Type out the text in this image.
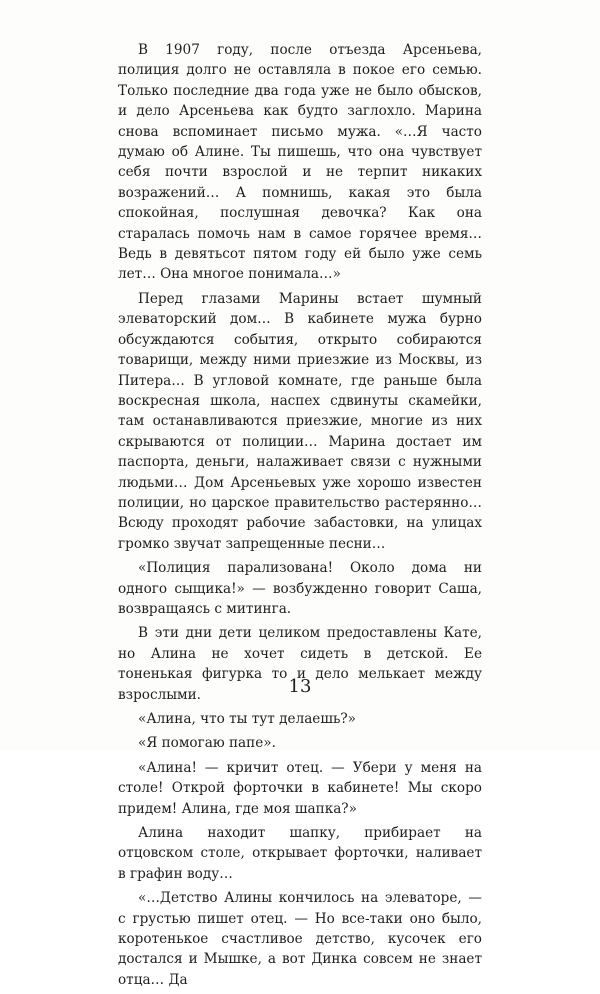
В 1907 году, после отъезда Арсеньева, полиция долго не оставляла в покое его семью. Только последние два года уже не было обысков, и дело Арсеньева как будто заглохло. Марина снова вспоминает письмо мужа. «…Я часто думаю об Алине. Ты пишешь, что она чувствует себя почти взрослой и не терпит никаких возражений… А помнишь, какая это была спокойная, послушная девочка? Как она старалась помочь нам в самое горячее время… Ведь в девятьсот пятом году ей было уже семь лет… Она многое понимала…»

Перед глазами Марины встает шумный элеваторский дом… В кабинете мужа бурно обсуждаются события, открыто собираются товарищи, между ними приезжие из Москвы, из Питера… В угловой комнате, где раньше была воскресная школа, наспех сдвинуты скамейки, там останавливаются приезжие, многие из них скрываются от полиции… Марина достает им паспорта, деньги, налаживает связи с нужными людьми… Дом Арсеньевых уже хорошо известен полиции, но царское правительство растерянно… Всюду проходят рабочие забастовки, на улицах громко звучат запрещенные песни…

«Полиция парализована! Около дома ни одного сыщика!» — возбужденно говорит Саша, возвращаясь с митинга.

В эти дни дети целиком предоставлены Кате, но Алина не хочет сидеть в детской. Ее тоненькая фигурка то и дело мелькает между взрослыми.

«Алина, что ты тут делаешь?»

«Я помогаю папе».

«Алина! — кричит отец. — Убери у меня на столе! Открой форточки в кабинете! Мы скоро придем! Алина, где моя шапка?»

Алина находит шапку, прибирает на отцовском столе, открывает форточки, наливает в графин воду…

«…Детство Алины кончилось на элеваторе, — с грустью пишет отец. — Но все-таки оно было, коротенькое счастливое детство, кусочек его достался и Мышке, а вот Динка совсем не знает отца… Да

13
